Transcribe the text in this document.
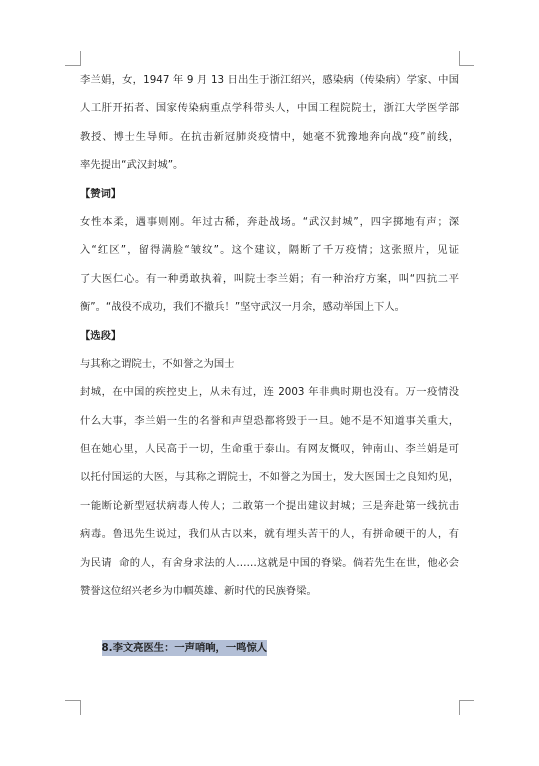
李兰娟，女，1947 年 9 月 13 日出生于浙江绍兴，感染病（传染病）学家、中国
人工肝开拓者、国家传染病重点学科带头人，中国工程院院士，浙江大学医学部
教授、博士生导师。在抗击新冠肺炎疫情中，她毫不犹豫地奔向战“疫”前线，
率先提出“武汉封城”。
【赞词】
女性本柔，遇事则刚。年过古稀，奔赴战场。“武汉封城”，四字掷地有声；深
入“红区”，留得满脸“皱纹”。这个建议，隔断了千万疫情；这张照片，见证
了大医仁心。有一种勇敢执着，叫院士李兰娟；有一种治疗方案，叫“四抗二平
衡”。“战役不成功，我们不撤兵！”坚守武汉一月余，感动举国上下人。
【选段】
与其称之谓院士，不如誉之为国士
封城，在中国的疾控史上，从未有过，连 2003 年非典时期也没有。万一疫情没
什么大事，李兰娟一生的名誉和声望恐都将毁于一旦。她不是不知道事关重大，
但在她心里，人民高于一切，生命重于泰山。有网友慨叹，钟南山、李兰娟是可
以托付国运的大医，与其称之谓院士，不如誉之为国士，发大医国士之良知灼见，
一能断论新型冠状病毒人传人；二敢第一个提出建议封城；三是奔赴第一线抗击
病毒。鲁迅先生说过，我们从古以来，就有埋头苦干的人，有拼命硬干的人，有
为民请  命的人，有舍身求法的人……这就是中国的脊梁。倘若先生在世，他必会
赞誉这位绍兴老乡为巾帼英雄、新时代的民族脊梁。

8.李文亮医生：一声哨响，一鸣惊人
